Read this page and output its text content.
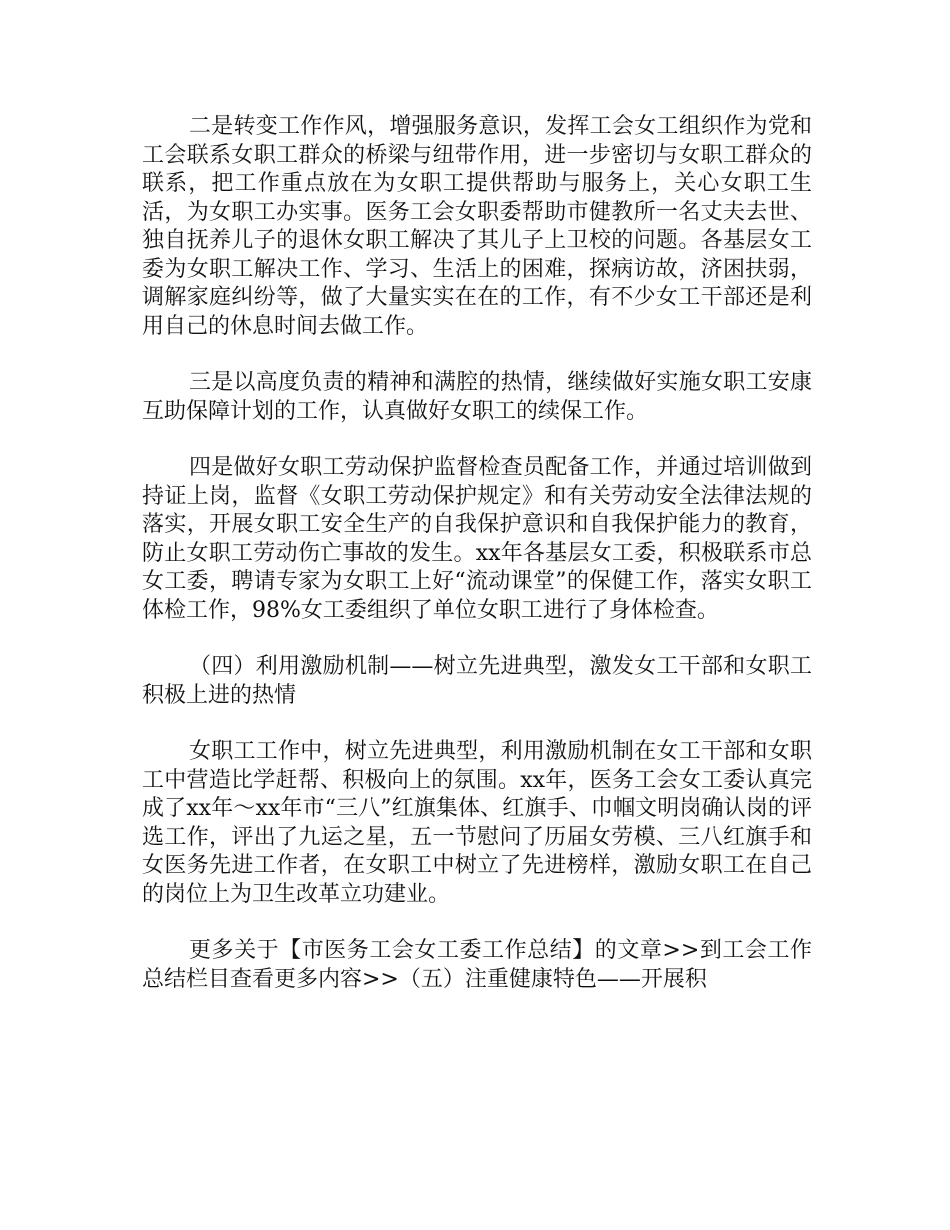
二是转变工作作风，增强服务意识，发挥工会女工组织作为党和工会联系女职工群众的桥梁与纽带作用，进一步密切与女职工群众的联系，把工作重点放在为女职工提供帮助与服务上，关心女职工生活，为女职工办实事。医务工会女职委帮助市健教所一名丈夫去世、独自抚养儿子的退休女职工解决了其儿子上卫校的问题。各基层女工委为女职工解决工作、学习、生活上的困难，探病访故，济困扶弱，调解家庭纠纷等，做了大量实实在在的工作，有不少女工干部还是利用自己的休息时间去做工作。

三是以高度负责的精神和满腔的热情，继续做好实施女职工安康互助保障计划的工作，认真做好女职工的续保工作。

四是做好女职工劳动保护监督检查员配备工作，并通过培训做到持证上岗，监督《女职工劳动保护规定》和有关劳动安全法律法规的落实，开展女职工安全生产的自我保护意识和自我保护能力的教育，防止女职工劳动伤亡事故的发生。xx年各基层女工委，积极联系市总女工委，聘请专家为女职工上好“流动课堂”的保健工作，落实女职工体检工作，98%女工委组织了单位女职工进行了身体检查。

（四）利用激励机制——树立先进典型，激发女工干部和女职工积极上进的热情

女职工工作中，树立先进典型，利用激励机制在女工干部和女职工中营造比学赶帮、积极向上的氛围。xx年，医务工会女工委认真完成了xx年～xx年市“三八”红旗集体、红旗手、巾帼文明岗确认岗的评选工作，评出了九运之星，五一节慰问了历届女劳模、三八红旗手和女医务先进工作者，在女职工中树立了先进榜样，激励女职工在自己的岗位上为卫生改革立功建业。

更多关于【市医务工会女工委工作总结】的文章>>到工会工作总结栏目查看更多内容>>（五）注重健康特色——开展积
